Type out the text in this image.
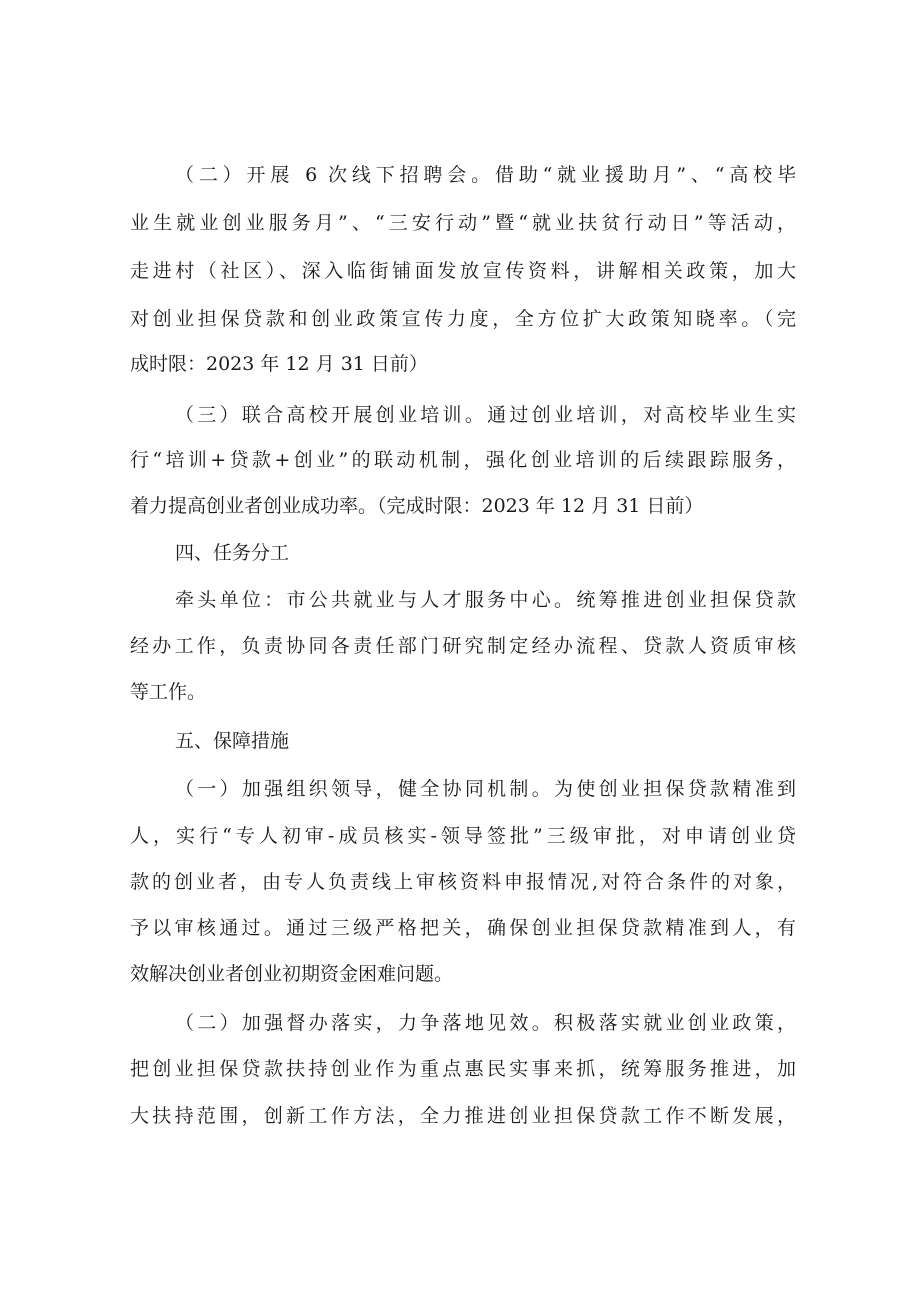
（二）开展 6 次线下招聘会。借助“就业援助月”、“高校毕
业生就业创业服务月”、“三安行动”暨“就业扶贫行动日”等活动，
走进村（社区）、深入临街铺面发放宣传资料，讲解相关政策，加大
对创业担保贷款和创业政策宣传力度，全方位扩大政策知晓率。（完
成时限：2023 年 12 月 31 日前）
（三）联合高校开展创业培训。通过创业培训，对高校毕业生实
行“培训+贷款+创业”的联动机制，强化创业培训的后续跟踪服务，
着力提高创业者创业成功率。（完成时限：2023 年 12 月 31 日前）
四、任务分工
牵头单位：市公共就业与人才服务中心。统筹推进创业担保贷款
经办工作，负责协同各责任部门研究制定经办流程、贷款人资质审核
等工作。
五、保障措施
（一）加强组织领导，健全协同机制。为使创业担保贷款精准到
人，实行“专人初审-成员核实-领导签批”三级审批，对申请创业贷
款的创业者，由专人负责线上审核资料申报情况,对符合条件的对象，
予以审核通过。通过三级严格把关，确保创业担保贷款精准到人，有
效解决创业者创业初期资金困难问题。
（二）加强督办落实，力争落地见效。积极落实就业创业政策，
把创业担保贷款扶持创业作为重点惠民实事来抓，统筹服务推进，加
大扶持范围，创新工作方法，全力推进创业担保贷款工作不断发展，
